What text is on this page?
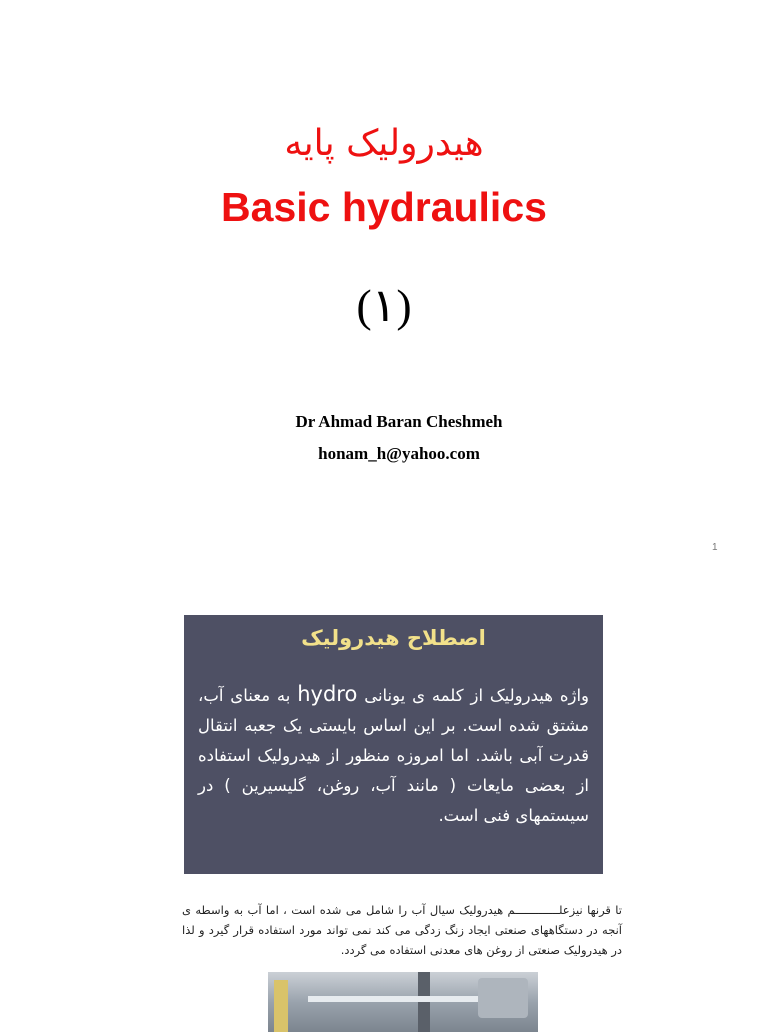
هیدرولیک پایه
Basic hydraulics
(۱)
Dr Ahmad Baran Cheshmeh
honam_h@yahoo.com
1
اصطلاح هیدرولیک
واژه هیدرولیک از کلمه ی یونانی hydro به معنای آب، مشتق شده است. بر این اساس بایستی یک جعبه انتقال قدرت آبی باشد. اما امروزه منظور از هیدرولیک استفاده از بعضی مایعات ( مانند آب، روغن، گلیسیرین ) در سیستمهای فنی است.
تا قرنها نیزعلـــــــــــــم هیدرولیک سیال آب را شامل می شده است ، اما آب به واسطه ی آنجه در دستگاههای صنعتی ایجاد زنگ زدگی می کند نمی تواند مورد استفاده قرار گیرد و لذا در هیدرولیک صنعتی از روغن های معدنی استفاده می گردد.
